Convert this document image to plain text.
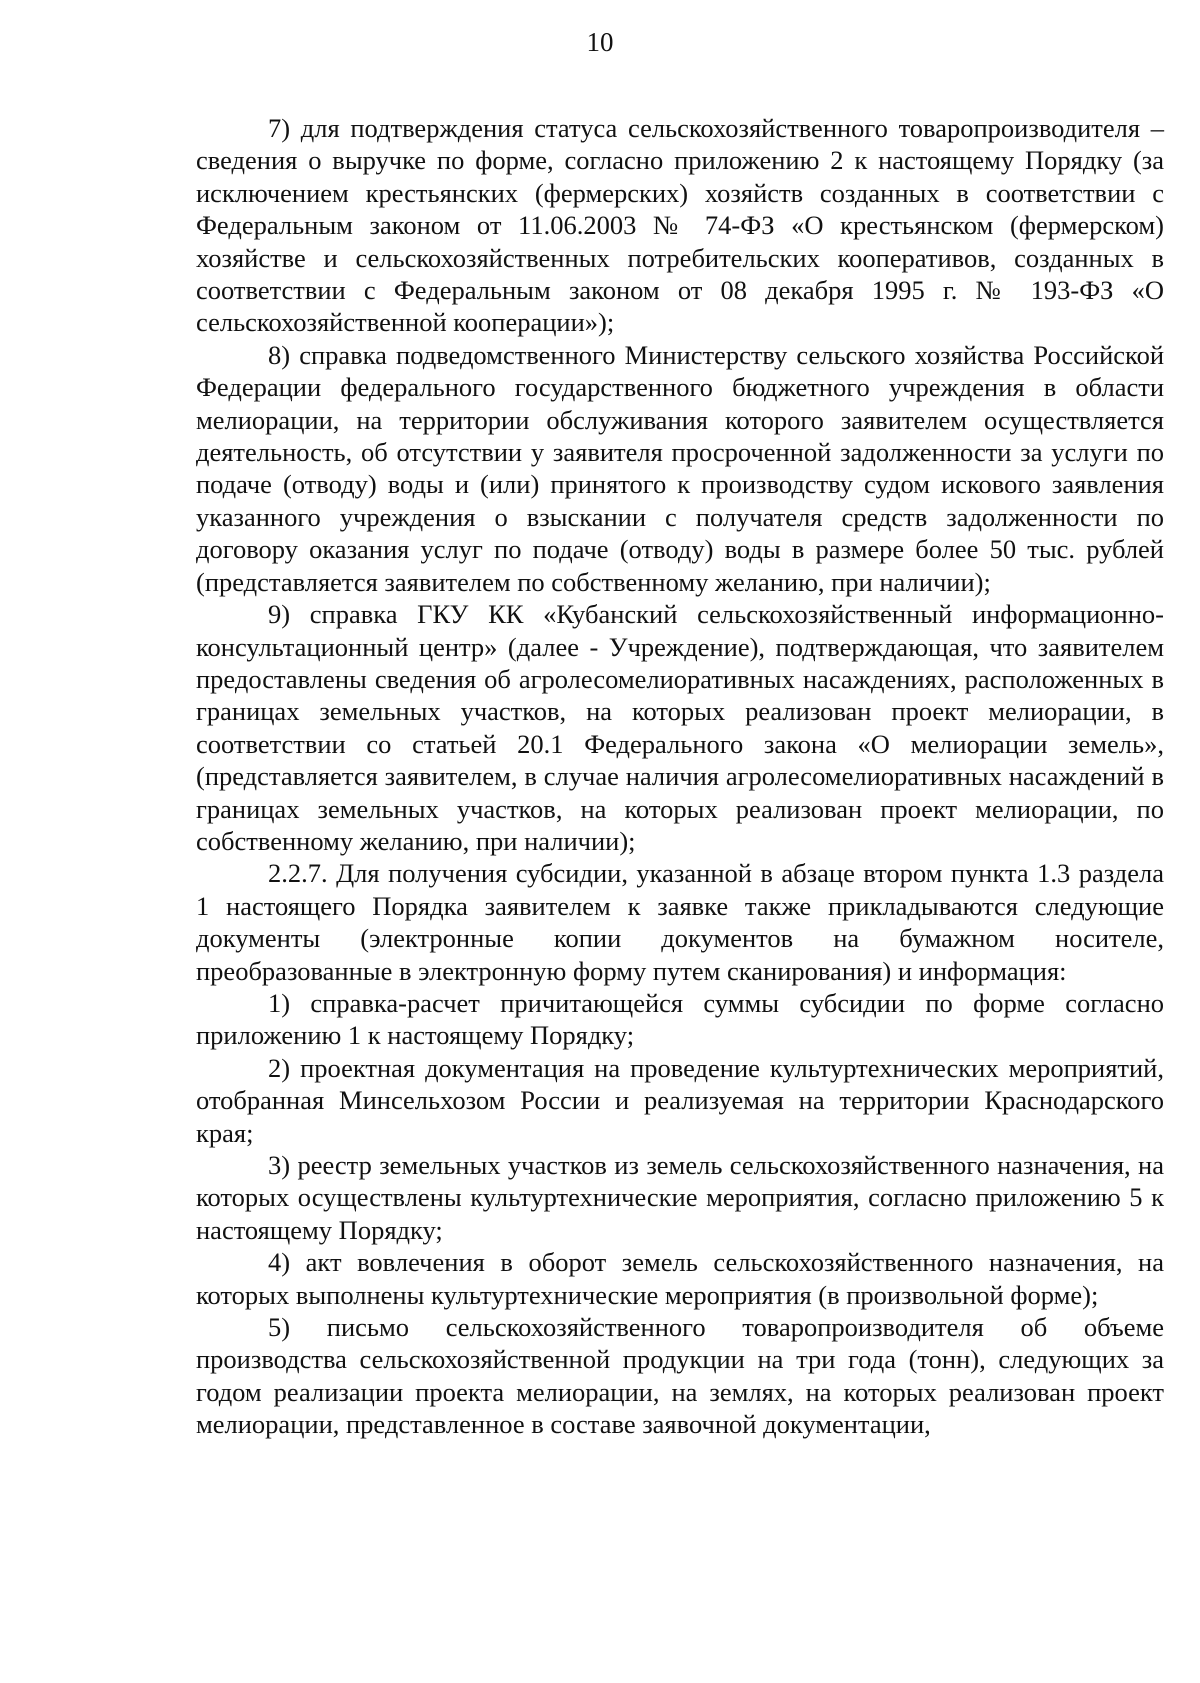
10

7) для подтверждения статуса сельскохозяйственного товаропроизводителя – сведения о выручке по форме, согласно приложению 2 к настоящему Порядку (за исключением крестьянских (фермерских) хозяйств созданных в соответствии с Федеральным законом от 11.06.2003 № 74-ФЗ «О крестьянском (фермерском) хозяйстве и сельскохозяйственных потребительских кооперативов, созданных в соответствии с Федеральным законом от 08 декабря 1995 г. № 193-ФЗ «О сельскохозяйственной кооперации»);

8) справка подведомственного Министерству сельского хозяйства Российской Федерации федерального государственного бюджетного учреждения в области мелиорации, на территории обслуживания которого заявителем осуществляется деятельность, об отсутствии у заявителя просроченной задолженности за услуги по подаче (отводу) воды и (или) принятого к производству судом искового заявления указанного учреждения о взыскании с получателя средств задолженности по договору оказания услуг по подаче (отводу) воды в размере более 50 тыс. рублей (представляется заявителем по собственному желанию, при наличии);

9) справка ГКУ КК «Кубанский сельскохозяйственный информационно-консультационный центр» (далее - Учреждение), подтверждающая, что заявителем предоставлены сведения об агролесомелиоративных насаждениях, расположенных в границах земельных участков, на которых реализован проект мелиорации, в соответствии со статьей 20.1 Федерального закона «О мелиорации земель», (представляется заявителем, в случае наличия агролесомелиоративных насаждений в границах земельных участков, на которых реализован проект мелиорации, по собственному желанию, при наличии);

2.2.7. Для получения субсидии, указанной в абзаце втором пункта 1.3 раздела 1 настоящего Порядка заявителем к заявке также прикладываются следующие документы (электронные копии документов на бумажном носителе, преобразованные в электронную форму путем сканирования) и информация:

1) справка-расчет причитающейся суммы субсидии по форме согласно приложению 1 к настоящему Порядку;

2) проектная документация на проведение культуртехнических мероприятий, отобранная Минсельхозом России и реализуемая на территории Краснодарского края;

3) реестр земельных участков из земель сельскохозяйственного назначения, на которых осуществлены культуртехнические мероприятия, согласно приложению 5 к настоящему Порядку;

4) акт вовлечения в оборот земель сельскохозяйственного назначения, на которых выполнены культуртехнические мероприятия (в произвольной форме);

5) письмо сельскохозяйственного товаропроизводителя об объеме производства сельскохозяйственной продукции на три года (тонн), следующих за годом реализации проекта мелиорации, на землях, на которых реализован проект мелиорации, представленное в составе заявочной документации,
